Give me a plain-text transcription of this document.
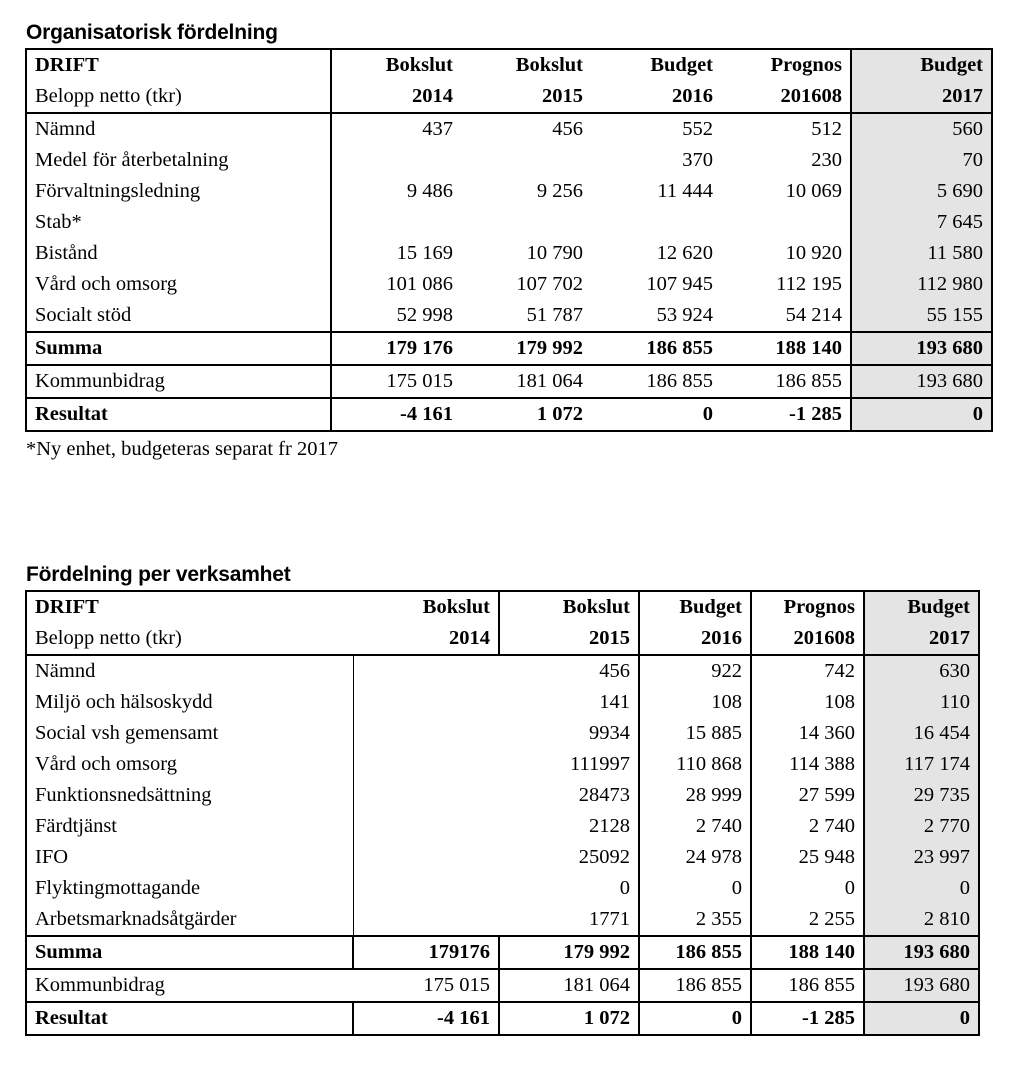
Organisatorisk fördelning
DRIFT	Bokslut	Bokslut	Budget	Prognos	Budget
Belopp netto (tkr)	2014	2015	2016	201608	2017
Nämnd	437	456	552	512	560
Medel för återbetalning			370	230	70
Förvaltningsledning	9 486	9 256	11 444	10 069	5 690
Stab*					7 645
Bistånd	15 169	10 790	12 620	10 920	11 580
Vård och omsorg	101 086	107 702	107 945	112 195	112 980
Socialt stöd	52 998	51 787	53 924	54 214	55 155
Summa	179 176	179 992	186 855	188 140	193 680
Kommunbidrag	175 015	181 064	186 855	186 855	193 680
Resultat	-4 161	1 072	0	-1 285	0
*Ny enhet, budgeteras separat fr 2017
Fördelning per verksamhet
DRIFT	Bokslut	Bokslut	Budget	Prognos	Budget
Belopp netto (tkr)	2014	2015	2016	201608	2017
Nämnd		456	922	742	630
Miljö och hälsoskydd		141	108	108	110
Social vsh gemensamt		9934	15 885	14 360	16 454
Vård och omsorg		111997	110 868	114 388	117 174
Funktionsnedsättning		28473	28 999	27 599	29 735
Färdtjänst		2128	2 740	2 740	2 770
IFO		25092	24 978	25 948	23 997
Flyktingmottagande		0	0	0	0
Arbetsmarknadsåtgärder		1771	2 355	2 255	2 810
Summa	179176	179 992	186 855	188 140	193 680
Kommunbidrag	175 015	181 064	186 855	186 855	193 680
Resultat	-4 161	1 072	0	-1 285	0
